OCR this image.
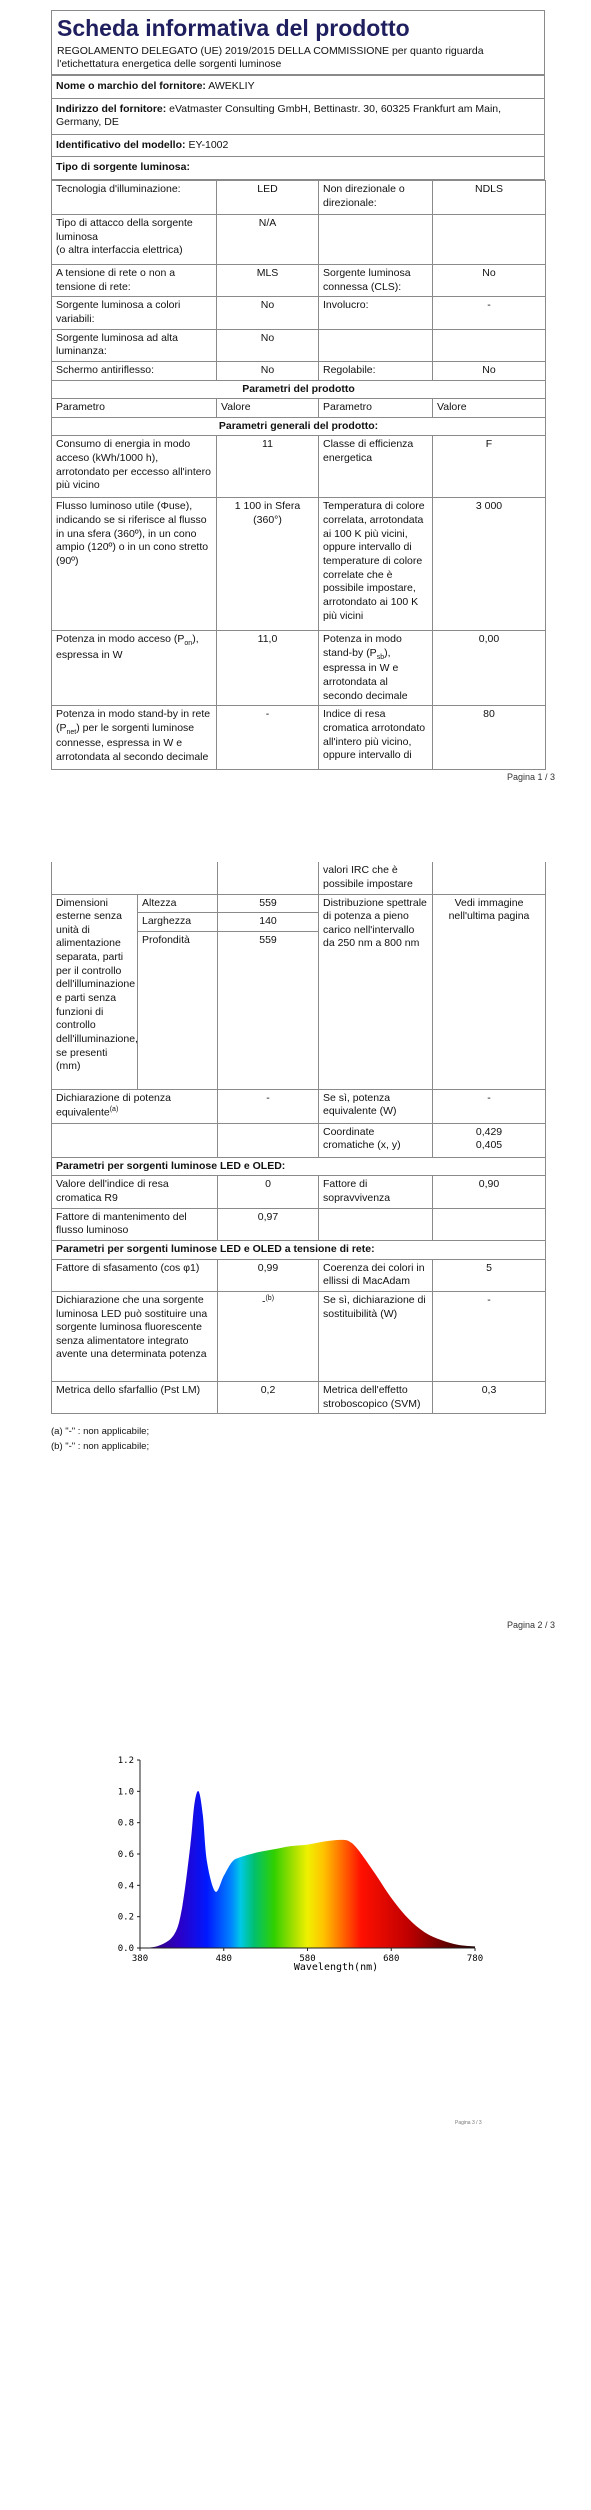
Scheda informativa del prodotto
REGOLAMENTO DELEGATO (UE) 2019/2015 DELLA COMMISSIONE per quanto riguarda l'etichettatura energetica delle sorgenti luminose
Nome o marchio del fornitore: AWEKLIY
Indirizzo del fornitore: eVatmaster Consulting GmbH, Bettinastr. 30, 60325 Frankfurt am Main, Germany, DE
Identificativo del modello: EY-1002
Tipo di sorgente luminosa:
Tecnologia d'illuminazione:	LED	Non direzionale o direzionale:	NDLS
Tipo di attacco della sorgente luminosa
(o altra interfaccia elettrica)	N/A		
A tensione di rete o non a tensione di rete:	MLS	Sorgente luminosa connessa (CLS):	No
Sorgente luminosa a colori variabili:	No	Involucro:	-
Sorgente luminosa ad alta luminanza:	No		
Schermo antiriflesso:	No	Regolabile:	No
Parametri del prodotto			
Parametro	Valore	Parametro	Valore
Parametri generali del prodotto:			
Consumo di energia in modo acceso (kWh/1000 h), arrotondato per eccesso all'intero più vicino	11	Classe di efficienza energetica	F
Flusso luminoso utile (Φuse), indicando se si riferisce al flusso in una sfera (360º), in un cono ampio (120º) o in un cono stretto (90º)	1 100 in Sfera (360°)	Temperatura di colore correlata, arrotondata ai 100 K più vicini, oppure intervallo di temperature di colore correlate che è possibile impostare, arrotondato ai 100 K più vicini	3 000
Potenza in modo acceso $(P_{on})$, espressa in W	11,0	Potenza in modo stand-by $(P_{sb})$, espressa in W e arrotondata al secondo decimale	0,00
Potenza in modo stand-by in rete $(P_{net})$ per le sorgenti luminose connesse, espressa in W e arrotondata al secondo decimale	-	Indice di resa cromatica arrotondato all'intero più vicino, oppure intervallo di	80
Pagina 1 / 3
			valori IRC che è possibile impostare	
Dimensioni esterne senza unità di alimentazione separata, parti per il controllo dell'illuminazione e parti senza funzioni di controllo dell'illuminazione, se presenti (mm)	Altezza	559	Distribuzione spettrale di potenza a pieno carico nell'intervallo da 250 nm a 800 nm	Vedi immagine nell'ultima pagina
	Larghezza	140		
	Profondità	559		
Dichiarazione di potenza equivalente$^{(a)}$		-	Se sì, potenza equivalente (W)	-
			Coordinate cromatiche (x, y)	0,429
0,405
Parametri per sorgenti luminose LED e OLED:				
Valore dell'indice di resa cromatica R9		0	Fattore di sopravvivenza	0,90
Fattore di mantenimento del flusso luminoso		0,97		
Parametri per sorgenti luminose LED e OLED a tensione di rete:				
Fattore di sfasamento (cos φ1)		0,99	Coerenza dei colori in ellissi di MacAdam	5
Dichiarazione che una sorgente luminosa LED può sostituire una sorgente luminosa fluorescente senza alimentatore integrato avente una determinata potenza		-$^{(b)}$	Se sì, dichiarazione di sostituibilità (W)	-
Metrica dello sfarfallio (Pst LM)		0,2	Metrica dell'effetto stroboscopico (SVM)	0,3
(a) "-" : non applicabile;
(b) "-" : non applicabile;
Pagina 2 / 3
0.0
0.2
0.4
0.6
0.8
1.0
1.2
380	480	580	680	780
Wavelength(nm)
Pagina 3 / 3
